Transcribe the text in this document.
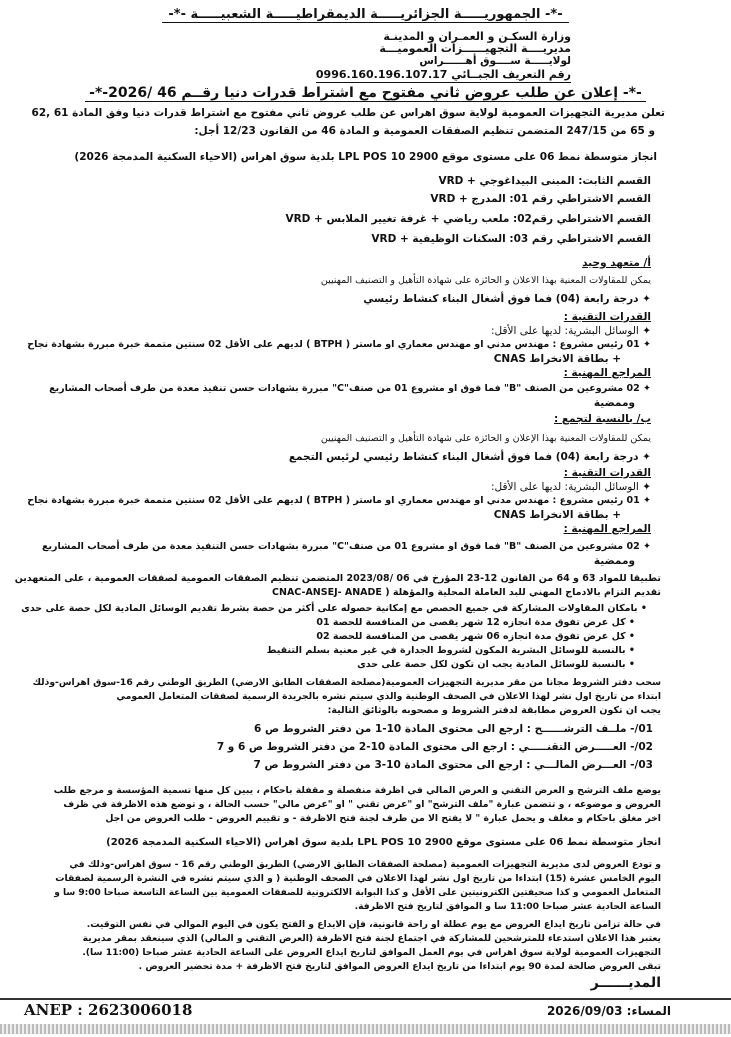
-*- الجمهوريـــــة الجزائريـــــة الديمقراطيـــــة الشعبيـــــة -*-
وزارة السكـن و العمـران و المدينـة
مديريــــة التجهيــــــزات العموميـــة
لولايـــــة ســــوق أهــــــراس
رقم التعريف الجبــائي 0996.160.196.107.17
-*- إعلان عن طلب عروض ثاني مفتوح مع اشتراط قدرات دنيا رقــم 46 /2026-*-
تعلن مديرية التجهيزات العمومية لولاية سوق اهراس عن طلب عروض ثاني مفتوح مع اشتراط قدرات دنيا وفق المادة 61 ,62
و 65 من 247/15 المتضمن تنظيم الصفقات العمومية و المادة 46 من القانون 12/23 أجل:
انجاز متوسطة نمط 06 على مستوى موقع 2900 LPL POS 10 بلدية سوق اهراس (الاحياء السكنية المدمجة 2026)
القسم الثابت: المبنى البيداغوجي + VRD
القسم الاشتراطي رقم 01: المدرج + VRD
القسم الاشتراطي رقم02: ملعب رياضي + غرفة تغيير الملابس + VRD
القسم الاشتراطي رقم 03: السكنات الوظيفية + VRD
أ/ متعهد وحيد
يمكن للمقاولات المعنية بهذا الاعلان و الحائزة على شهادة التأهيل و التصنيف المهنيين
✦ درجة رابعة (04) فما فوق أشغال البناء كنشاط رئيسي
القدرات التقنية :
✦ الوسائل البشرية: لديها على الأقل:
✦ 01 رئيس مشروع : مهندس مدني او مهندس معماري او ماستر ( BTPH ) لديهم على الأقل 02 سنتين متممة خبرة مبررة بشهادة نجاح
+ بطاقة الانخراط CNAS
المراجع المهنية :
✦ 02 مشروعين من الصنف "B" فما فوق او مشروع 01 من صنف"C" مبررة بشهادات حسن تنفيذ معدة من طرف أصحاب المشاريع
وممضية
ب/ بالنسبة لتجمع :
يمكن للمقاولات المعنية بهذا الإعلان و الحائزة على شهادة التأهيل و التصنيف المهنيين
✦ درجة رابعة (04) فما فوق أشغال البناء كنشاط رئيسي لرئيس التجمع
القدرات التقنية :
✦ الوسائل البشرية: لديها على الأقل:
✦ 01 رئيس مشروع : مهندس مدني او مهندس معماري او ماستر ( BTPH ) لديهم على الأقل 02 سنتين متممة خبرة مبررة بشهادة نجاح
+ بطاقة الانخراط CNAS
المراجع المهنية :
✦ 02 مشروعين من الصنف "B" فما فوق او مشروع 01 من صنف"C" مبررة بشهادات حسن التنفيذ معدة من طرف أصحاب المشاريع
وممضية
تطبيقا للمواد 63 و 64 من القانون 12-23 المؤرخ في 06 /2023/08 المتضمن تنظيم الصفقات العمومية لصفقات العمومية ، على المتعهدين
تقديم التزام بالادماج المهني للبد العاملة المحلية والمؤهلة ( CNAC-ANSEJ- ANADE
• بامكان المقاولات المشاركة في جميع الحصص مع إمكانية حصوله على أكثر من حصة بشرط تقديم الوسائل المادية لكل حصة على حدى
• كل عرض تفوق مدة انجازه 12 شهر يقصى من المنافسة للحصة 01
• كل عرض تفوق مدة انجازه 06 شهر يقصى من المنافسة للحصة 02
• بالنسبة للوسائل البشرية المكون لشروط الجدارة في غير معنية بسلم التنقيط
• بالنسبة للوسائل المادية يجب ان تكون لكل حصة على حدى
سحب دفتر الشروط مجانا من مقر مديرية التجهيزات العمومية(مصلحة الصفقات الطابق الارضي) الطريق الوطني رقم 16-سوق اهراس-وذلك
ابتداء من تاريخ اول نشر لهذا الاعلان في الصحف الوطنية والذي سيتم نشره بالجريدة الرسمية لصفقات المتعامل العمومي
يجب ان تكون العروض مطابقة لدفتر الشروط و مصحوبه بالوثائق التالية:
01/- ملــف الترشــــــح : ارجع الى محتوى المادة 10-1 من دفتر الشروط ص 6
02/- العـــــرض التقنـــــي : ارجع الى محتوى المادة 10-2 من دفتر الشروط ص 6 و 7
03/- العـــرض المالـــي : ارجع الى محتوى المادة 10-3 من دفتر الشروط ص 7
يوضع ملف الترشح و العرض التقني و العرض المالي في اظرفة منفصلة و مقفلة باحكام ، يبين كل منها تسمية المؤسسة و مرجع طلب
العروض و موضوعه ، و تتضمن عبارة "ملف الترشح" او "عرض تقني " او "عرض مالي" حسب الحالة ، و توضع هذه الاظرفة في ظرف
اخر مغلق باحكام و مغلف و يحمل عبارة " لا يفتح الا من طرف لجنة فتح الاظرفة - و تقييم العروض - طلب العروض من اجل
انجاز متوسطة نمط 06 على مستوى موقع 2900 LPL POS 10 بلدية سوق اهراس (الاحياء السكنية المدمجة 2026)
و تودع العروض لدى مديرية التجهيزات العمومية (مصلحة الصفقات الطابق الارضي) الطريق الوطني رقم 16 - سوق اهراس-وذلك في
اليوم الخامس عشرة (15) ابتداءا من تاريخ اول نشر لهذا الاعلان في الصحف الوطنية ( و الذي سيتم نشره في النشرة الرسمية لصفقات
المتعامل العمومي و كذا صحيفتين الكترونيتين على الأقل و كذا البوابة الالكترونية للصفقات العمومية بين الساعة التاسعة صباحا 9:00 سا و
الساعة الحادية عشر صباحا 11:00 سا و الموافق لتاريخ فتح الاظرفة.
في حالة تزامن تاريخ ايداع العروض مع يوم عطلة او راحة قانونية، فإن الايداع و الفتح يكون في اليوم الموالي في نفس التوقيت.
يعتبر هذا الاعلان استدعاء للمترشحين للمشاركة في اجتماع لجنة فتح الاظرفة (العرض التقني و المالي) الذي سينعقد بمقر مديرية
التجهيزات العمومية لولاية سوق اهراس في يوم العمل الموافق لتاريخ ايداع العروض على الساعة الحادية عشر صباحا (11:00 سا).
تبقى العروض صالحة لمدة 90 يوم ابتداءا من تاريخ ايداع العروض الموافق لتاريخ فتح الاظرفة + مدة تحضير العروض .
المديــــــر
ANEP : 2623006018	المساء: 2026/09/03
